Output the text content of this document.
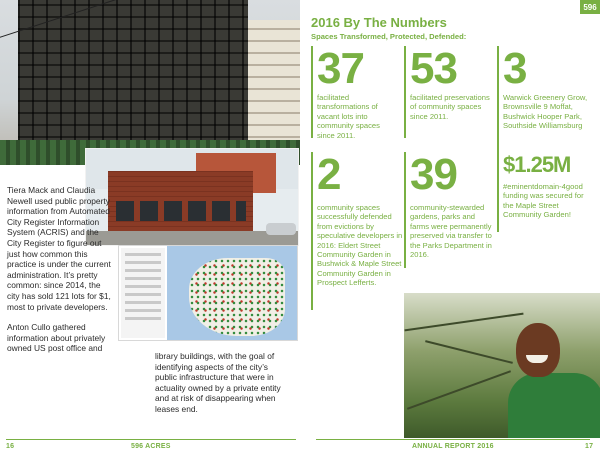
Tiera Mack and Claudia Newell used public property information from Automated City Register Information System (ACRIS) and the City Register to figure out just how common this practice is under the current administration. It’s pretty common: since 2014, the city has sold 121 lots for $1, most to private developers.

Anton Cullo gathered information about privately owned US post office and

library buildings, with the goal of identifying aspects of the city’s public infrastructure that were in actuality owned by a private entity and at risk of disappearing when leases end.
16	596 ACRES
596
2016 By The Numbers
Spaces Transformed, Protected, Defended:
37
facilitated transformations of vacant lots into community spaces since 2011.
53
facilitated preservations of community spaces since 2011.
3
Warwick Greenery Grow, Brownsville 9 Moffat, Bushwick Hooper Park, Southside Williamsburg
2
community spaces successfully defended from evictions by speculative developers in 2016: Eldert Street Community Garden in Bushwick & Maple Street Community Garden in Prospect Lefferts.
39
community-stewarded gardens, parks and farms were permanently preserved via transfer to the Parks Department in 2016.
$1.25M
#eminentdomain-4good funding was secured for the Maple Street Community Garden!
ANNUAL REPORT 2016	17
